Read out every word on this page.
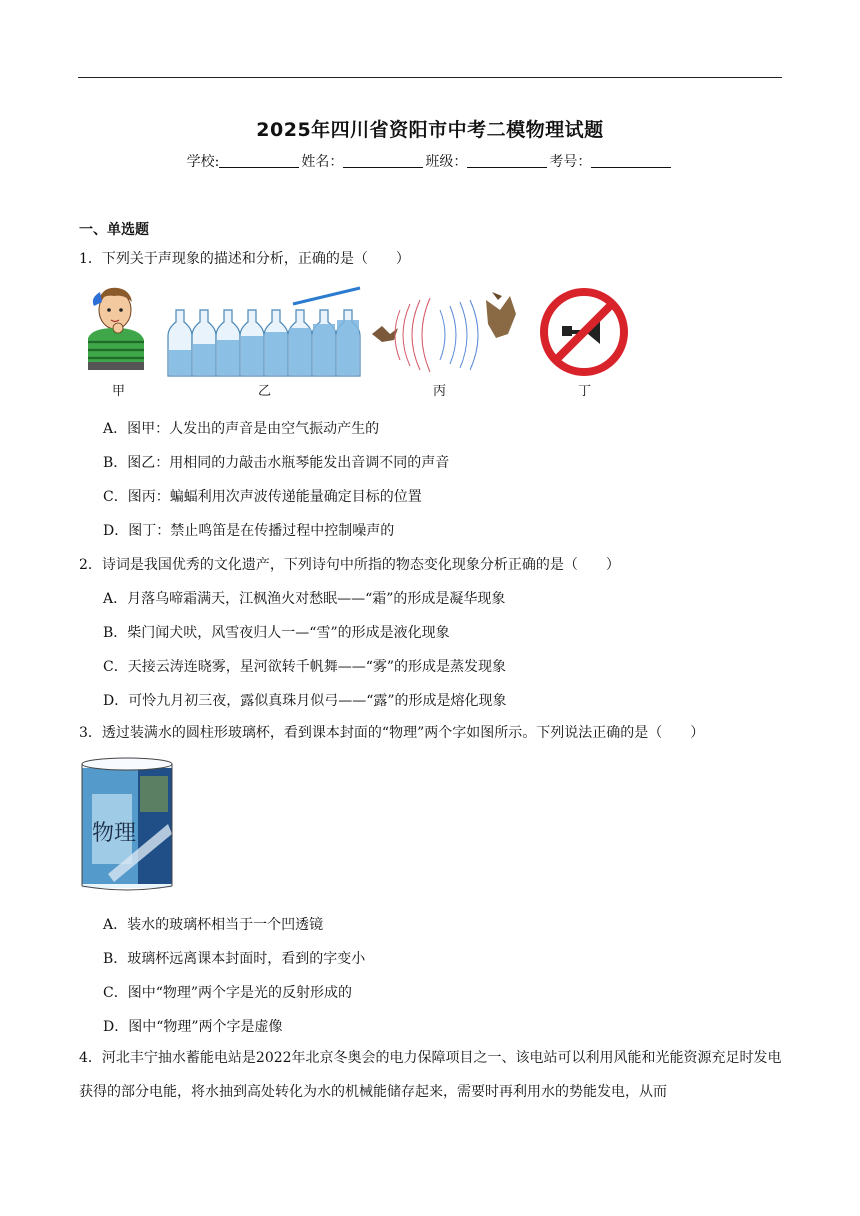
2025年四川省资阳市中考二模物理试题
学校:	姓名：	班级：	考号：
一、单选题
1．下列关于声现象的描述和分析，正确的是（　　）
甲	乙	丙	丁
A．图甲：人发出的声音是由空气振动产生的
B．图乙：用相同的力敲击水瓶琴能发出音调不同的声音
C．图丙：蝙蝠利用次声波传递能量确定目标的位置
D．图丁：禁止鸣笛是在传播过程中控制噪声的
2．诗词是我国优秀的文化遗产，下列诗句中所指的物态变化现象分析正确的是（　　）
A．月落乌啼霜满天，江枫渔火对愁眠——“霜”的形成是凝华现象
B．柴门闻犬吠，风雪夜归人一—“雪”的形成是液化现象
C．天接云涛连晓雾，星河欲转千帆舞——“雾”的形成是蒸发现象
D．可怜九月初三夜，露似真珠月似弓——“露”的形成是熔化现象
3．透过装满水的圆柱形玻璃杯，看到课本封面的“物理”两个字如图所示。下列说法正确的是（　　）
物理
A．装水的玻璃杯相当于一个凹透镜
B．玻璃杯远离课本封面时，看到的字变小
C．图中“物理”两个字是光的反射形成的
D．图中“物理”两个字是虚像
4．河北丰宁抽水蓄能电站是2022年北京冬奥会的电力保障项目之一、该电站可以利用风能和光能资源充足时发电获得的部分电能，将水抽到高处转化为水的机械能储存起来，需要时再利用水的势能发电，从而
